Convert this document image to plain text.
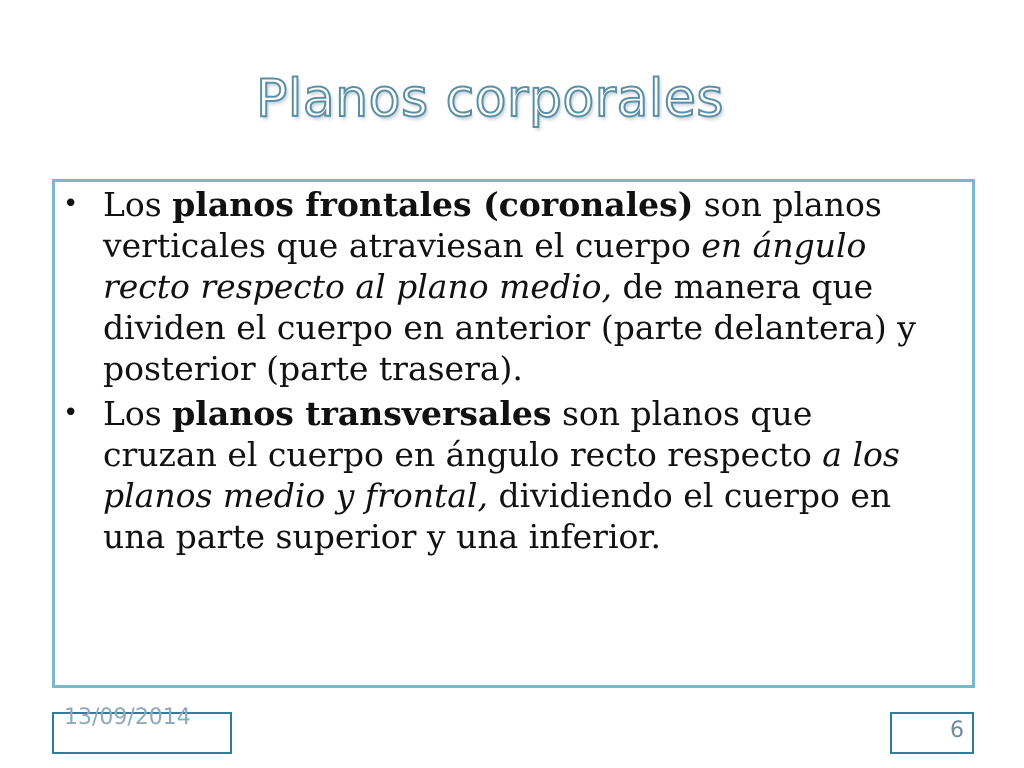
Planos corporales
• Los planos frontales (coronales) son planos verticales que atraviesan el cuerpo en ángulo recto respecto al plano medio, de manera que dividen el cuerpo en anterior (parte delantera) y posterior (parte trasera).
• Los planos transversales son planos que cruzan el cuerpo en ángulo recto respecto a los planos medio y frontal, dividiendo el cuerpo en una parte superior y una inferior.
13/09/2014
6
